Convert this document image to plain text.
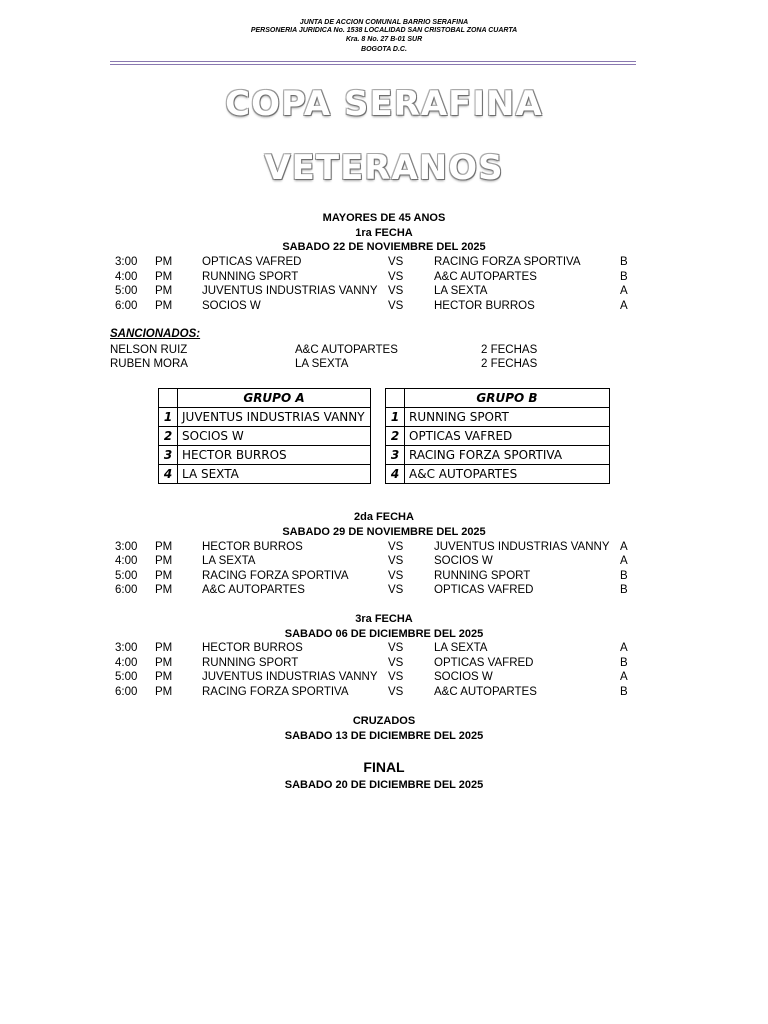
JUNTA DE ACCION COMUNAL BARRIO SERAFINA
PERSONERIA JURIDICA No. 1538 LOCALIDAD SAN CRISTOBAL ZONA CUARTA
Kra. 8 No. 27 B-01 SUR
BOGOTA D.C.
COPA SERAFINA
VETERANOS
MAYORES DE 45 ANOS
1ra FECHA
SABADO 22 DE NOVIEMBRE DEL 2025
3:00 PM	OPTICAS VAFRED	VS	RACING FORZA SPORTIVA	B
4:00 PM	RUNNING SPORT	VS	A&C AUTOPARTES	B
5:00 PM	JUVENTUS INDUSTRIAS VANNY VS	LA SEXTA	A
6:00 PM	SOCIOS W	VS	HECTOR BURROS	A
SANCIONADOS:
NELSON RUIZ	A&C AUTOPARTES	2 FECHAS
RUBEN MORA	LA SEXTA	2 FECHAS
	GRUPO A
1	JUVENTUS INDUSTRIAS VANNY
2	SOCIOS W
3	HECTOR BURROS
4	LA SEXTA
	GRUPO B
1	RUNNING SPORT
2	OPTICAS VAFRED
3	RACING FORZA SPORTIVA
4	A&C AUTOPARTES
2da FECHA
SABADO 29 DE NOVIEMBRE DEL 2025
3:00 PM	HECTOR BURROS	VS	JUVENTUS INDUSTRIAS VANNY A
4:00 PM	LA SEXTA	VS	SOCIOS W	A
5:00 PM	RACING FORZA SPORTIVA	VS	RUNNING SPORT	B
6:00 PM	A&C AUTOPARTES	VS	OPTICAS VAFRED	B
3ra FECHA
SABADO 06 DE DICIEMBRE DEL 2025
3:00 PM	HECTOR BURROS	VS	LA SEXTA	A
4:00 PM	RUNNING SPORT	VS	OPTICAS VAFRED	B
5:00 PM	JUVENTUS INDUSTRIAS VANNY VS	SOCIOS W	A
6:00 PM	RACING FORZA SPORTIVA	VS	A&C AUTOPARTES	B
CRUZADOS
SABADO 13 DE DICIEMBRE DEL 2025
FINAL
SABADO 20 DE DICIEMBRE DEL 2025
